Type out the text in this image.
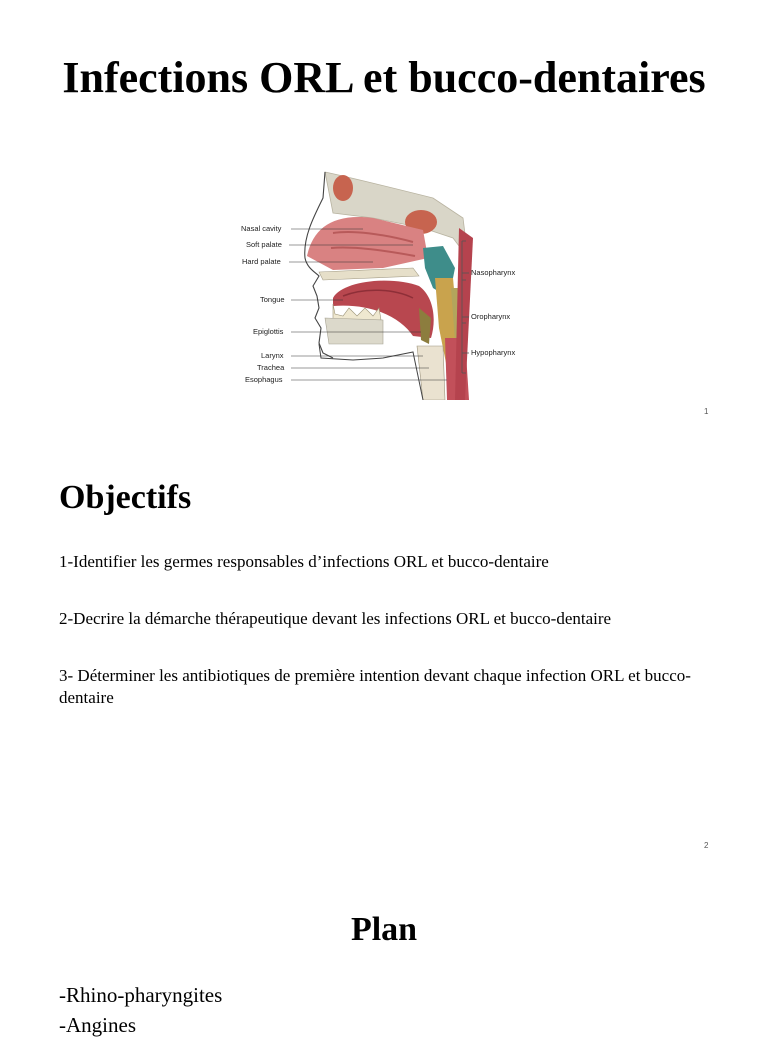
Infections ORL et bucco-dentaires
Nasal cavity
Soft palate
Hard palate
Tongue
Epiglottis
Larynx
Trachea
Esophagus
Nasopharynx
Oropharynx
Hypopharynx
1
Objectifs

1-Identifier les germes responsables d’infections ORL et bucco-dentaire

2-Decrire la démarche thérapeutique devant les infections ORL et bucco-dentaire

3- Déterminer les antibiotiques de première intention devant chaque infection ORL et bucco-dentaire

2
Plan

-Rhino-pharyngites

-Angines
